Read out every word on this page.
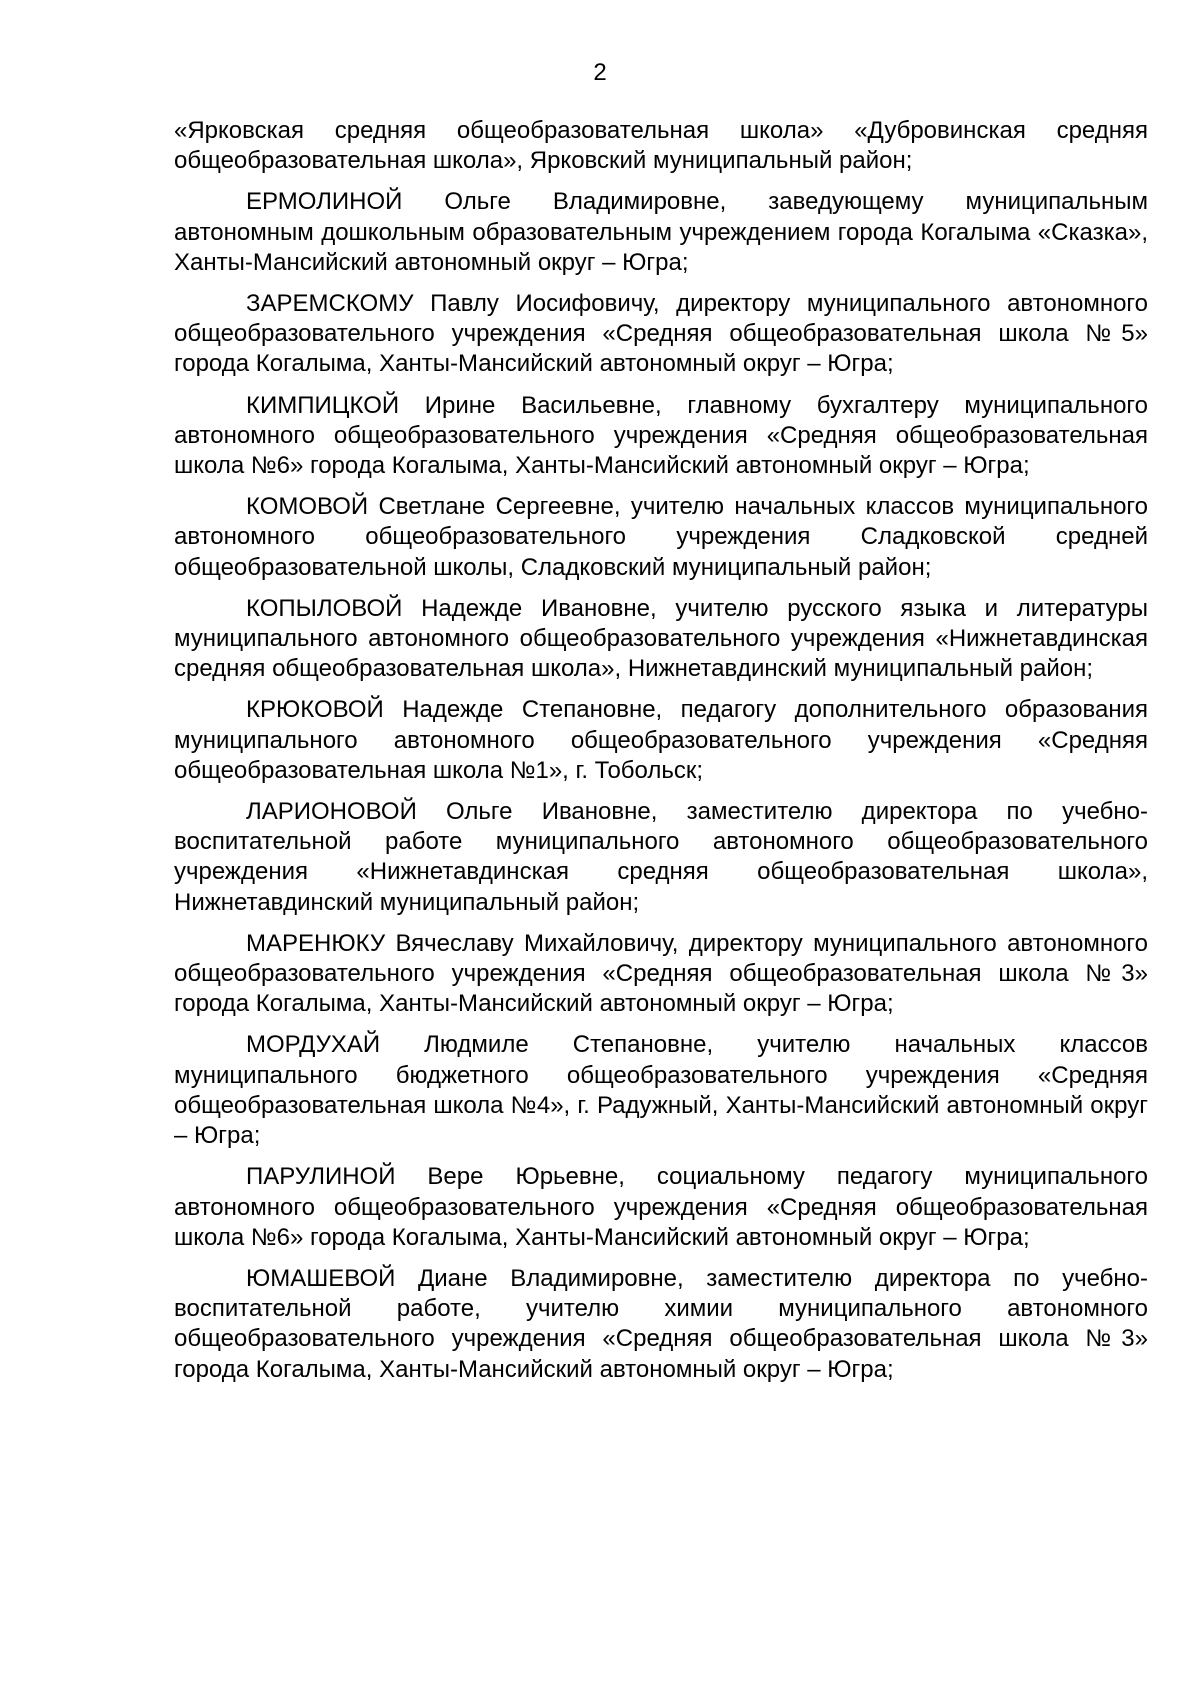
2

«Ярковская средняя общеобразовательная школа» «Дубровинская средняя общеобразовательная школа», Ярковский муниципальный район;

ЕРМОЛИНОЙ Ольге Владимировне, заведующему муниципальным автономным дошкольным образовательным учреждением города Когалыма «Сказка», Ханты-Мансийский автономный округ – Югра;

ЗАРЕМСКОМУ Павлу Иосифовичу, директору муниципального автономного общеобразовательного учреждения «Средняя общеобразовательная школа №5» города Когалыма, Ханты-Мансийский автономный округ – Югра;

КИМПИЦКОЙ Ирине Васильевне, главному бухгалтеру муниципального автономного общеобразовательного учреждения «Средняя общеобразовательная школа №6» города Когалыма, Ханты-Мансийский автономный округ – Югра;

КОМОВОЙ Светлане Сергеевне, учителю начальных классов муниципального автономного общеобразовательного учреждения Сладковской средней общеобразовательной школы, Сладковский муниципальный район;

КОПЫЛОВОЙ Надежде Ивановне, учителю русского языка и литературы муниципального автономного общеобразовательного учреждения «Нижнетавдинская средняя общеобразовательная школа», Нижнетавдинский муниципальный район;

КРЮКОВОЙ Надежде Степановне, педагогу дополнительного образования муниципального автономного общеобразовательного учреждения «Средняя общеобразовательная школа №1», г. Тобольск;

ЛАРИОНОВОЙ Ольге Ивановне, заместителю директора по учебно-воспитательной работе муниципального автономного общеобразовательного учреждения «Нижнетавдинская средняя общеобразовательная школа», Нижнетавдинский муниципальный район;

МАРЕНЮКУ Вячеславу Михайловичу, директору муниципального автономного общеобразовательного учреждения «Средняя общеобразовательная школа №3» города Когалыма, Ханты-Мансийский автономный округ – Югра;

МОРДУХАЙ Людмиле Степановне, учителю начальных классов муниципального бюджетного общеобразовательного учреждения «Средняя общеобразовательная школа №4», г. Радужный, Ханты-Мансийский автономный округ – Югра;

ПАРУЛИНОЙ Вере Юрьевне, социальному педагогу муниципального автономного общеобразовательного учреждения «Средняя общеобразовательная школа №6» города Когалыма, Ханты-Мансийский автономный округ – Югра;

ЮМАШЕВОЙ Диане Владимировне, заместителю директора по учебно-воспитательной работе, учителю химии муниципального автономного общеобразовательного учреждения «Средняя общеобразовательная школа №3» города Когалыма, Ханты-Мансийский автономный округ – Югра;
